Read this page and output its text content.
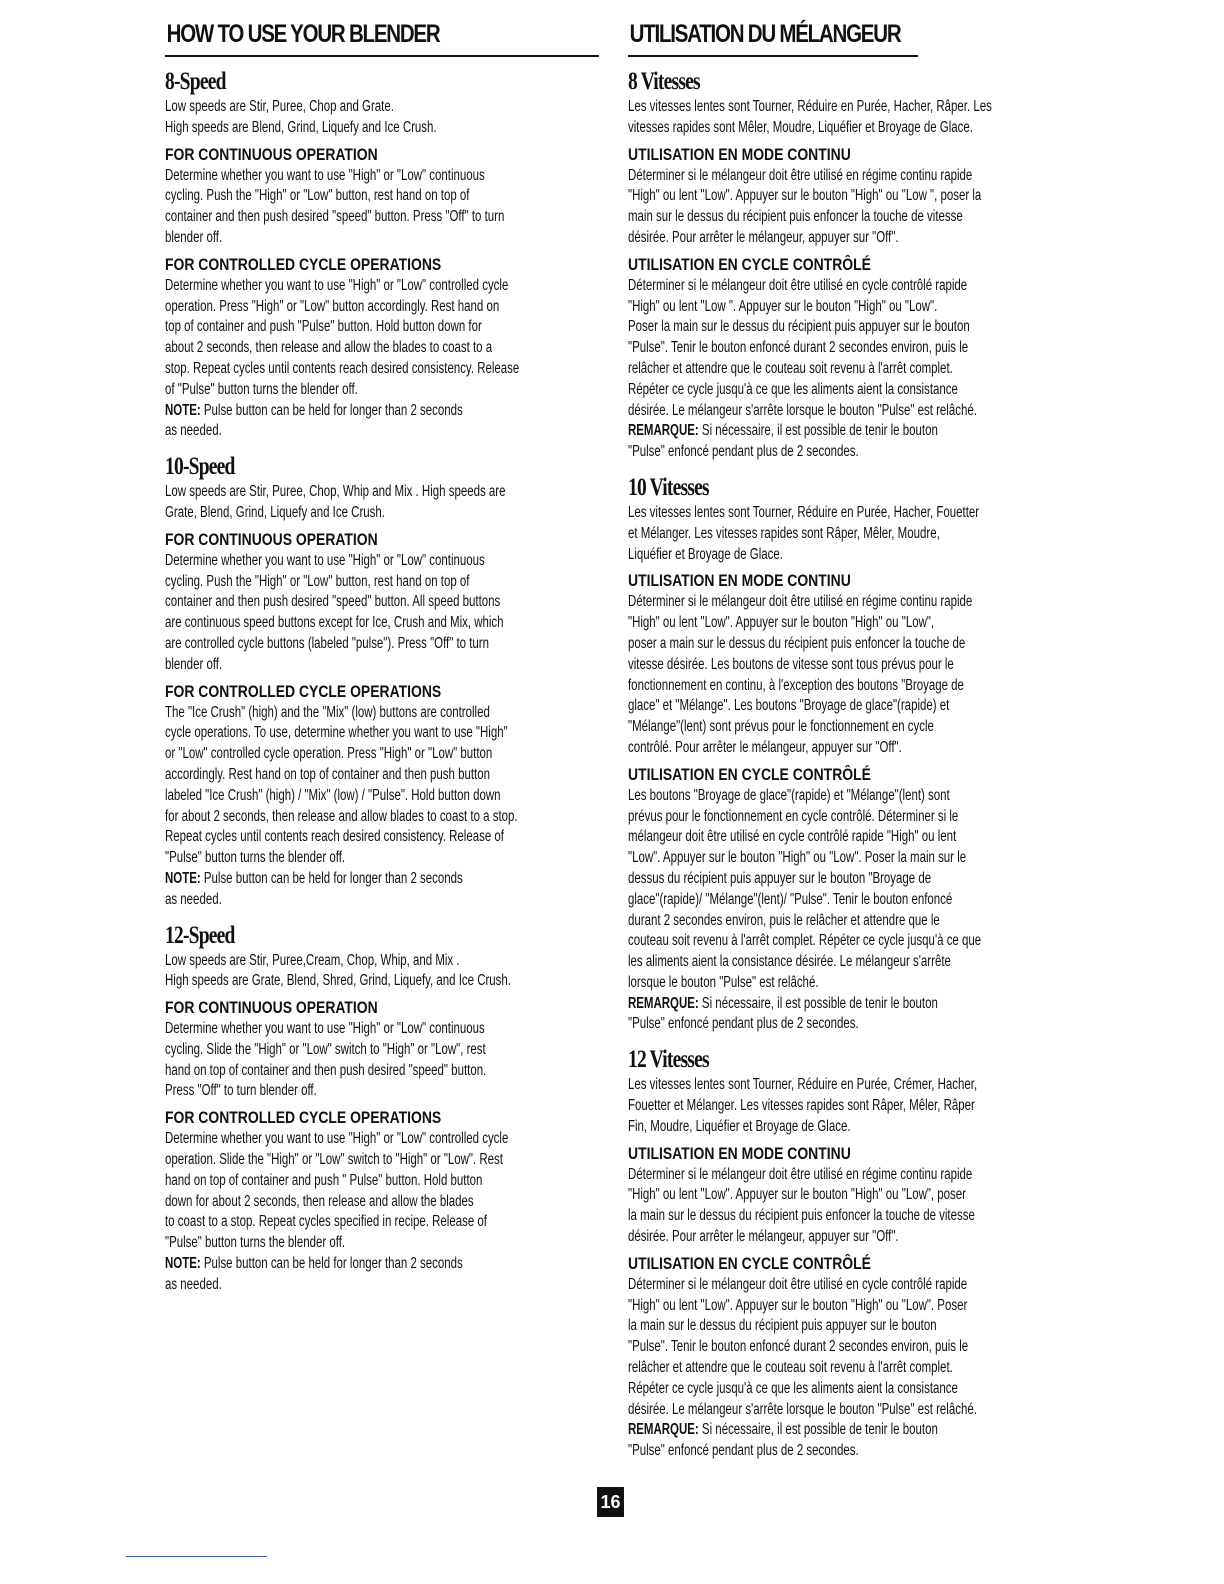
HOW TO USE YOUR BLENDER
8-Speed

Low speeds are Stir, Puree, Chop and Grate.

High speeds are Blend, Grind, Liquefy and Ice Crush.

FOR CONTINUOUS OPERATION

Determine whether you want to use "High" or "Low" continuous

cycling. Push the "High" or "Low" button, rest hand on top of

container and then push desired "speed" button. Press "Off" to turn

blender off.

FOR CONTROLLED CYCLE OPERATIONS

Determine whether you want to use "High" or "Low" controlled cycle

operation. Press "High" or "Low" button accordingly. Rest hand on

top of container and push "Pulse" button. Hold button down for

about 2 seconds, then release and allow the blades to coast to a

stop. Repeat cycles until contents reach desired consistency. Release

of "Pulse" button turns the blender off.

NOTE: Pulse button can be held for longer than 2 seconds

as needed.

10-Speed

Low speeds are Stir, Puree, Chop, Whip and Mix . High speeds are

Grate, Blend, Grind, Liquefy and Ice Crush.

FOR CONTINUOUS OPERATION

Determine whether you want to use "High" or "Low" continuous

cycling. Push the "High" or "Low" button, rest hand on top of

container and then push desired "speed" button. All speed buttons

are continuous speed buttons except for Ice, Crush and Mix, which

are controlled cycle buttons (labeled "pulse"). Press "Off" to turn

blender off.

FOR CONTROLLED CYCLE OPERATIONS

The "Ice Crush" (high) and the "Mix" (low) buttons are controlled

cycle operations. To use, determine whether you want to use "High"

or "Low" controlled cycle operation. Press "High" or "Low" button

accordingly. Rest hand on top of container and then push button

labeled "Ice Crush" (high) / "Mix" (low) / "Pulse". Hold button down

for about 2 seconds, then release and allow blades to coast to a stop.

Repeat cycles until contents reach desired consistency. Release of

"Pulse" button turns the blender off.

NOTE: Pulse button can be held for longer than 2 seconds

as needed.

12-Speed

Low speeds are Stir, Puree,Cream, Chop, Whip, and Mix .

High speeds are Grate, Blend, Shred, Grind, Liquefy, and Ice Crush.

FOR CONTINUOUS OPERATION

Determine whether you want to use "High" or "Low" continuous

cycling. Slide the "High" or "Low" switch to "High" or "Low", rest

hand on top of container and then push desired "speed" button.

Press "Off" to turn blender off.

FOR CONTROLLED CYCLE OPERATIONS

Determine whether you want to use "High" or "Low" controlled cycle

operation. Slide the "High" or "Low" switch to "High" or "Low". Rest

hand on top of container and push " Pulse" button. Hold button

down for about 2 seconds, then release and allow the blades

to coast to a stop. Repeat cycles specified in recipe. Release of

"Pulse" button turns the blender off.

NOTE: Pulse button can be held for longer than 2 seconds

as needed.

UTILISATION DU MÉLANGEUR
8 Vitesses

Les vitesses lentes sont Tourner, Réduire en Purée, Hacher, Râper. Les

vitesses rapides sont Mêler, Moudre, Liquéfier et Broyage de Glace.

UTILISATION EN MODE CONTINU

Déterminer si le mélangeur doit être utilisé en régime continu rapide

"High" ou lent "Low". Appuyer sur le bouton "High" ou "Low ", poser la

main sur le dessus du récipient puis enfoncer la touche de vitesse

désirée. Pour arrêter le mélangeur, appuyer sur "Off".

UTILISATION EN CYCLE CONTRÔLÉ

Déterminer si le mélangeur doit être utilisé en cycle contrôlé rapide

"High" ou lent "Low ". Appuyer sur le bouton "High" ou "Low".

Poser la main sur le dessus du récipient puis appuyer sur le bouton

"Pulse". Tenir le bouton enfoncé durant 2 secondes environ, puis le

relâcher et attendre que le couteau soit revenu à l'arrêt complet.

Répéter ce cycle jusqu'à ce que les aliments aient la consistance

désirée. Le mélangeur s'arrête lorsque le bouton "Pulse" est relâché.

REMARQUE: Si nécessaire, il est possible de tenir le bouton

"Pulse" enfoncé pendant plus de 2 secondes.

10 Vitesses

Les vitesses lentes sont Tourner, Réduire en Purée, Hacher, Fouetter

et Mélanger. Les vitesses rapides sont Râper, Mêler, Moudre,

Liquéfier et Broyage de Glace.

UTILISATION EN MODE CONTINU

Déterminer si le mélangeur doit être utilisé en régime continu rapide

"High" ou lent "Low". Appuyer sur le bouton "High" ou "Low",

poser a main sur le dessus du récipient puis enfoncer la touche de

vitesse désirée. Les boutons de vitesse sont tous prévus pour le

fonctionnement en continu, à l'exception des boutons "Broyage de

glace" et "Mélange". Les boutons "Broyage de glace"(rapide) et

"Mélange"(lent) sont prévus pour le fonctionnement en cycle

contrôlé. Pour arrêter le mélangeur, appuyer sur "Off".

UTILISATION EN CYCLE CONTRÔLÉ

Les boutons "Broyage de glace"(rapide) et "Mélange"(lent) sont

prévus pour le fonctionnement en cycle contrôlé. Déterminer si le

mélangeur doit être utilisé en cycle contrôlé rapide "High" ou lent

"Low". Appuyer sur le bouton "High" ou "Low". Poser la main sur le

dessus du récipient puis appuyer sur le bouton "Broyage de

glace"(rapide)/ "Mélange"(lent)/ "Pulse". Tenir le bouton enfoncé

durant 2 secondes environ, puis le relâcher et attendre que le

couteau soit revenu à l'arrêt complet. Répéter ce cycle jusqu'à ce que

les aliments aient la consistance désirée. Le mélangeur s'arrête

lorsque le bouton "Pulse" est relâché.

REMARQUE: Si nécessaire, il est possible de tenir le bouton

"Pulse" enfoncé pendant plus de 2 secondes.

12 Vitesses

Les vitesses lentes sont Tourner, Réduire en Purée, Crémer, Hacher,

Fouetter et Mélanger. Les vitesses rapides sont Râper, Mêler, Râper

Fin, Moudre, Liquéfier et Broyage de Glace.

UTILISATION EN MODE CONTINU

Déterminer si le mélangeur doit être utilisé en régime continu rapide

"High" ou lent "Low". Appuyer sur le bouton "High" ou "Low", poser

la main sur le dessus du récipient puis enfoncer la touche de vitesse

désirée. Pour arrêter le mélangeur, appuyer sur "Off".

UTILISATION EN CYCLE CONTRÔLÉ

Déterminer si le mélangeur doit être utilisé en cycle contrôlé rapide

"High" ou lent "Low". Appuyer sur le bouton "High" ou "Low". Poser

la main sur le dessus du récipient puis appuyer sur le bouton

"Pulse". Tenir le bouton enfoncé durant 2 secondes environ, puis le

relâcher et attendre que le couteau soit revenu à l'arrêt complet.

Répéter ce cycle jusqu'à ce que les aliments aient la consistance

désirée. Le mélangeur s'arrête lorsque le bouton "Pulse" est relâché.

REMARQUE: Si nécessaire, il est possible de tenir le bouton

"Pulse" enfoncé pendant plus de 2 secondes.

16
